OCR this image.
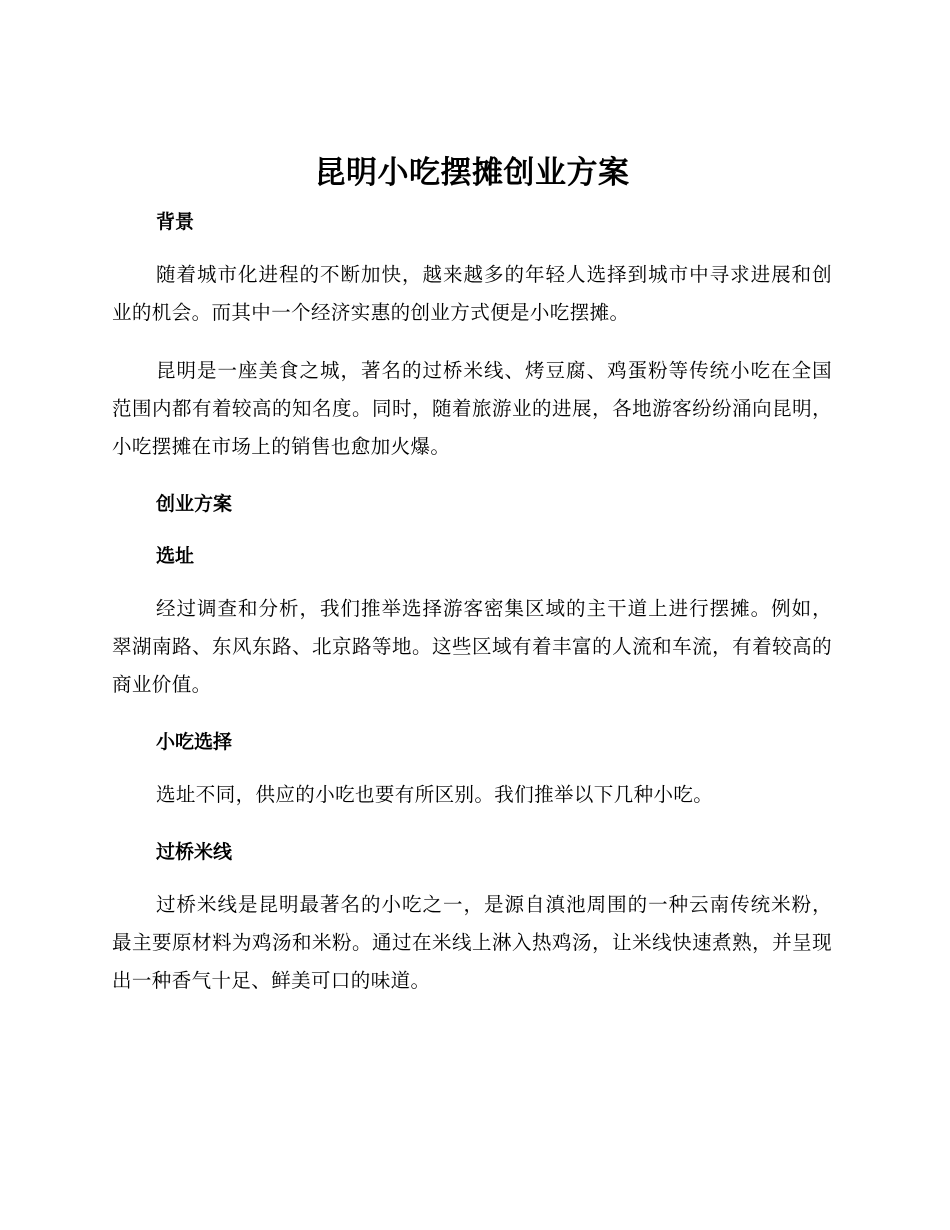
昆明小吃摆摊创业方案
背景

随着城市化进程的不断加快，越来越多的年轻人选择到城市中寻求进展和创业的机会。而其中一个经济实惠的创业方式便是小吃摆摊。

昆明是一座美食之城，著名的过桥米线、烤豆腐、鸡蛋粉等传统小吃在全国范围内都有着较高的知名度。同时，随着旅游业的进展，各地游客纷纷涌向昆明，小吃摆摊在市场上的销售也愈加火爆。

创业方案
选址

经过调查和分析，我们推举选择游客密集区域的主干道上进行摆摊。例如，翠湖南路、东风东路、北京路等地。这些区域有着丰富的人流和车流，有着较高的商业价值。

小吃选择

选址不同，供应的小吃也要有所区别。我们推举以下几种小吃。

过桥米线

过桥米线是昆明最著名的小吃之一，是源自滇池周围的一种云南传统米粉，最主要原材料为鸡汤和米粉。通过在米线上淋入热鸡汤，让米线快速煮熟，并呈现出一种香气十足、鲜美可口的味道。
